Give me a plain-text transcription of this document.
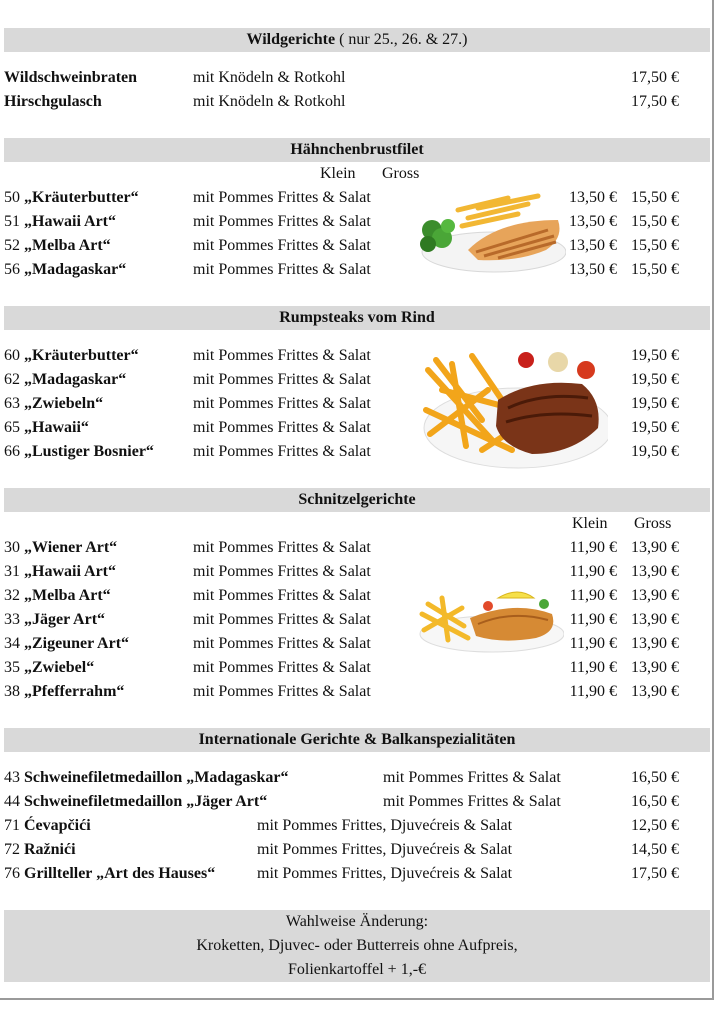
Wildgerichte ( nur 25., 26. & 27.)
Wildschweinbraten	mit Knödeln & Rotkohl	17,50 €
Hirschgulasch	mit Knödeln & Rotkohl	17,50 €
Hähnchenbrustfilet
Klein Gross
50 „Kräuterbutter“	mit Pommes Frittes & Salat	13,50 € 15,50 €
51 „Hawaii Art“	mit Pommes Frittes & Salat	13,50 € 15,50 €
52 „Melba Art“	mit Pommes Frittes & Salat	13,50 € 15,50 €
56 „Madagaskar“	mit Pommes Frittes & Salat	13,50 € 15,50 €
Rumpsteaks vom Rind
60 „Kräuterbutter“	mit Pommes Frittes & Salat	19,50 €
62 „Madagaskar“	mit Pommes Frittes & Salat	19,50 €
63 „Zwiebeln“	mit Pommes Frittes & Salat	19,50 €
65 „Hawaii“	mit Pommes Frittes & Salat	19,50 €
66 „Lustiger Bosnier“ mit Pommes Frittes & Salat	19,50 €
Schnitzelgerichte
Klein Gross
30 „Wiener Art“	mit Pommes Frittes & Salat	11,90 € 13,90 €
31 „Hawaii Art“	mit Pommes Frittes & Salat	11,90 € 13,90 €
32 „Melba Art“	mit Pommes Frittes & Salat	11,90 € 13,90 €
33 „Jäger Art“	mit Pommes Frittes & Salat	11,90 € 13,90 €
34 „Zigeuner Art“	mit Pommes Frittes & Salat	11,90 € 13,90 €
35 „Zwiebel“	mit Pommes Frittes & Salat	11,90 € 13,90 €
38 „Pfefferrahm“	mit Pommes Frittes & Salat	11,90 € 13,90 €
Internationale Gerichte & Balkanspezialitäten
43 Schweinefiletmedaillon „Madagaskar“	mit Pommes Frittes & Salat	16,50 €
44 Schweinefiletmedaillon „Jäger Art“	mit Pommes Frittes & Salat	16,50 €
71 Ćevapčići	mit Pommes Frittes, Djuvećreis & Salat	12,50 €
72 Ražnići	mit Pommes Frittes, Djuvećreis & Salat	14,50 €
76 Grillteller „Art des Hauses“	mit Pommes Frittes, Djuvećreis & Salat	17,50 €
Wahlweise Änderung:
Kroketten, Djuvec- oder Butterreis ohne Aufpreis,
Folienkartoffel + 1,-€
